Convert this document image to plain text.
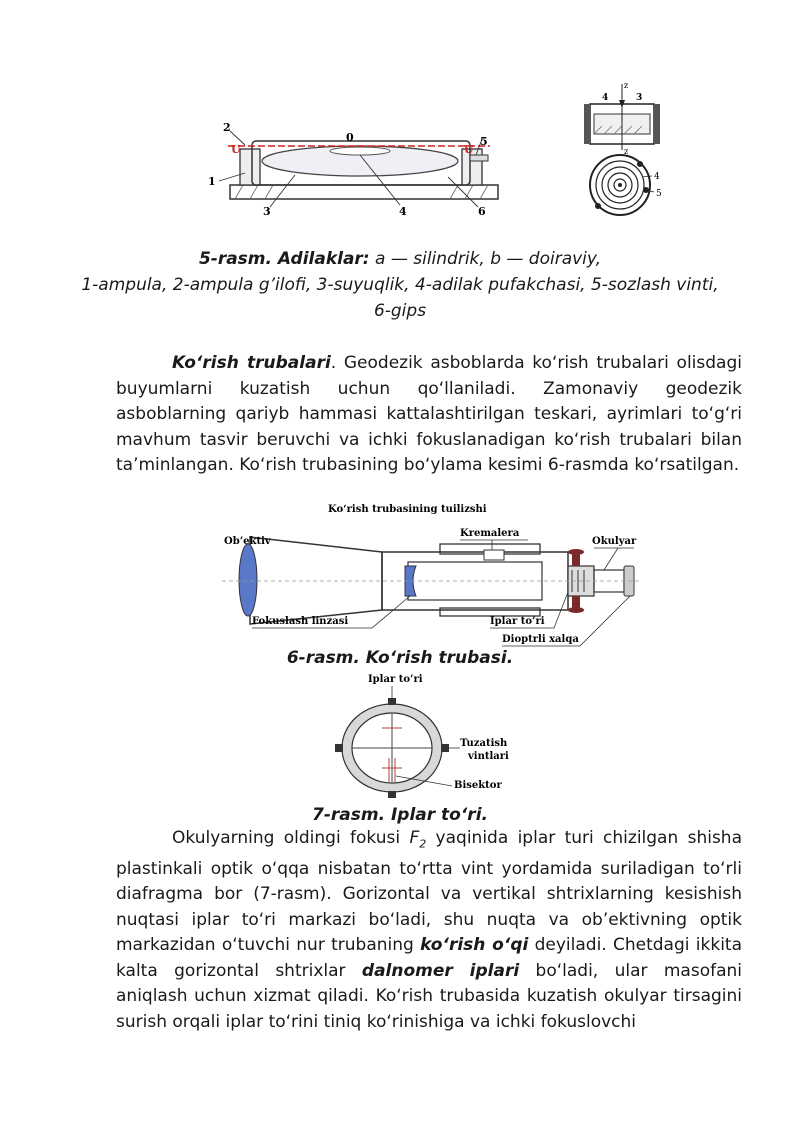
2
U
0	5
U
1
3	4	6
z
4	3
z
4
5
5-rasm. Adilaklar: a — silindrik, b — doiraviy,
1-ampula, 2-ampula g’ilofi, 3-suyuqlik, 4-adilak pufakchasi, 5-sozlash vinti,
6-gips
Ko‘rish trubalari. Geodezik asboblarda ko‘rish trubalari olisdagi buyumlarni kuzatish uchun qo‘llaniladi. Zamonaviy geodezik asboblarning qariyb hammasi kattalashtirilgan teskari, ayrimlari to‘g‘ri mavhum tasvir beruvchi va ichki fokuslanadigan ko‘rish trubalari bilan ta’minlangan. Ko‘rish trubasining bo‘ylama kesimi 6-rasmda ko‘rsatilgan.
Ko‘rish trubasining tuilizshi
Kremalera
Ob’ektiv	Okulyar
Fokuslash linzasi	Iplar to’ri
Dioptrli xalqa
6-rasm. Ko‘rish trubasi.
Iplar to’ri
Tuzatish
vintlari
Bisektor
7-rasm. Iplar to‘ri.
Okulyarning oldingi fokusi $F_2$ yaqinida iplar turi chizilgan shisha plastinkali optik o‘qqa nisbatan to‘rtta vint yordamida suriladigan to‘rli diafragma bor (7-rasm). Gorizontal va vertikal shtrixlarning kesishish nuqtasi iplar to‘ri markazi bo‘ladi, shu nuqta va ob’ektivning optik markazidan o‘tuvchi nur trubaning ko‘rish o‘qi deyiladi. Chetdagi ikkita kalta gorizontal shtrixlar dalnomer iplari bo‘ladi, ular masofani aniqlash uchun xizmat qiladi. Ko‘rish trubasida kuzatish okulyar tirsagini surish orqali iplar to‘rini tiniq ko‘rinishiga va ichki fokuslovchi
